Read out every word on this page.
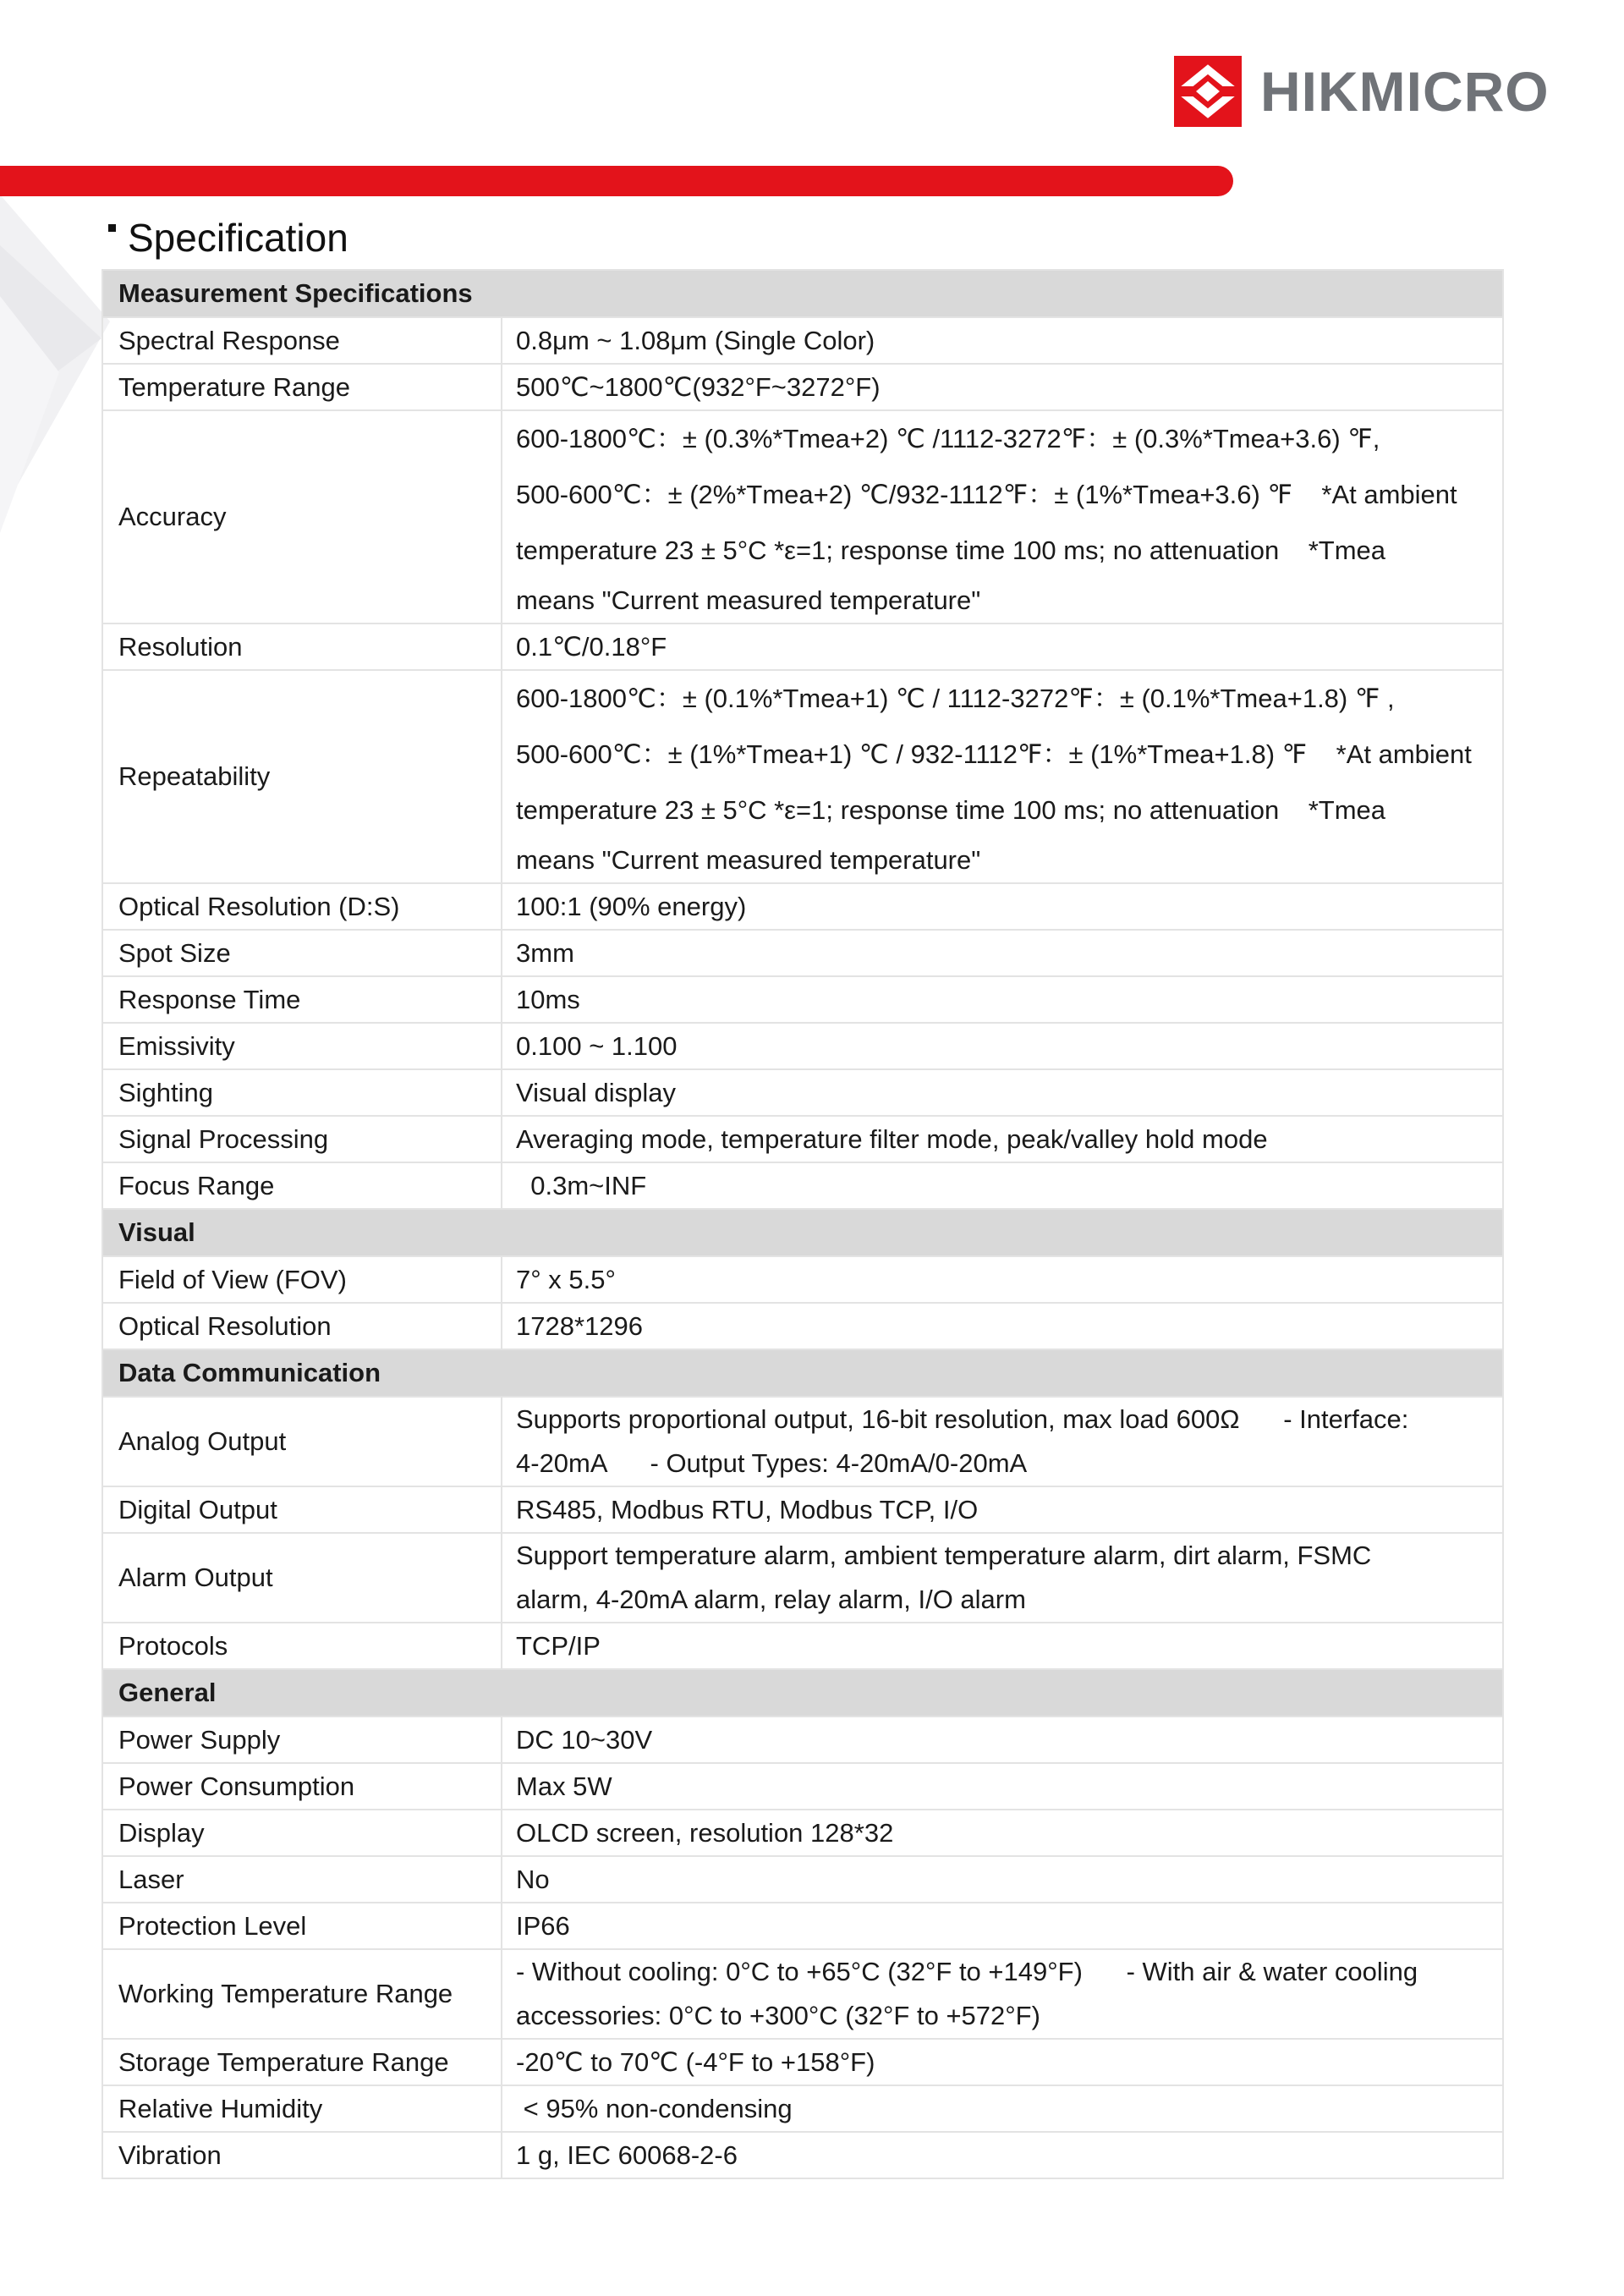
HIKMICRO
Specification
Measurement Specifications	
Spectral Response	0.8μm ~ 1.08μm (Single Color)

Temperature Range	500℃~1800℃(932°F~3272°F)

Accuracy	600-1800℃：± (0.3%*Tmea+2) ℃ /1112-3272℉：± (0.3%*Tmea+3.6) ℉,
500-600℃：± (2%*Tmea+2) ℃/932-1112℉：± (1%*Tmea+3.6) ℉    *At ambient
temperature 23 ± 5°C *ε=1; response time 100 ms; no attenuation    *Tmea
means "Current measured temperature"

Resolution	0.1℃/0.18°F

Repeatability	600-1800℃：± (0.1%*Tmea+1) ℃ / 1112-3272℉：± (0.1%*Tmea+1.8) ℉ ,
500-600℃：± (1%*Tmea+1) ℃ / 932-1112℉：± (1%*Tmea+1.8) ℉    *At ambient
temperature 23 ± 5°C *ε=1; response time 100 ms; no attenuation    *Tmea
means "Current measured temperature"

Optical Resolution (D:S)	100:1 (90% energy)

Spot Size	3mm

Response Time	10ms

Emissivity	0.100 ~ 1.100

Sighting	Visual display

Signal Processing	Averaging mode, temperature filter mode, peak/valley hold mode

Focus Range	0.3m~INF

Visual	
Field of View (FOV)	7° x 5.5°

Optical Resolution	1728*1296

Data Communication	
Analog Output	Supports proportional output, 16-bit resolution, max load 600Ω      - Interface:
4-20mA      - Output Types: 4-20mA/0-20mA

Digital Output	RS485, Modbus RTU, Modbus TCP, I/O

Alarm Output	Support temperature alarm, ambient temperature alarm, dirt alarm, FSMC
alarm, 4-20mA alarm, relay alarm, I/O alarm

Protocols	TCP/IP

General	
Power Supply	DC 10~30V

Power Consumption	Max 5W

Display	OLCD screen, resolution 128*32

Laser	No

Protection Level	IP66

Working Temperature Range	- Without cooling: 0°C to +65°C (32°F to +149°F)      - With air & water cooling
accessories: 0°C to +300°C (32°F to +572°F)

Storage Temperature Range	-20℃ to 70℃ (-4°F to +158°F)

Relative Humidity	< 95% non-condensing

Vibration	1 g, IEC 60068-2-6
